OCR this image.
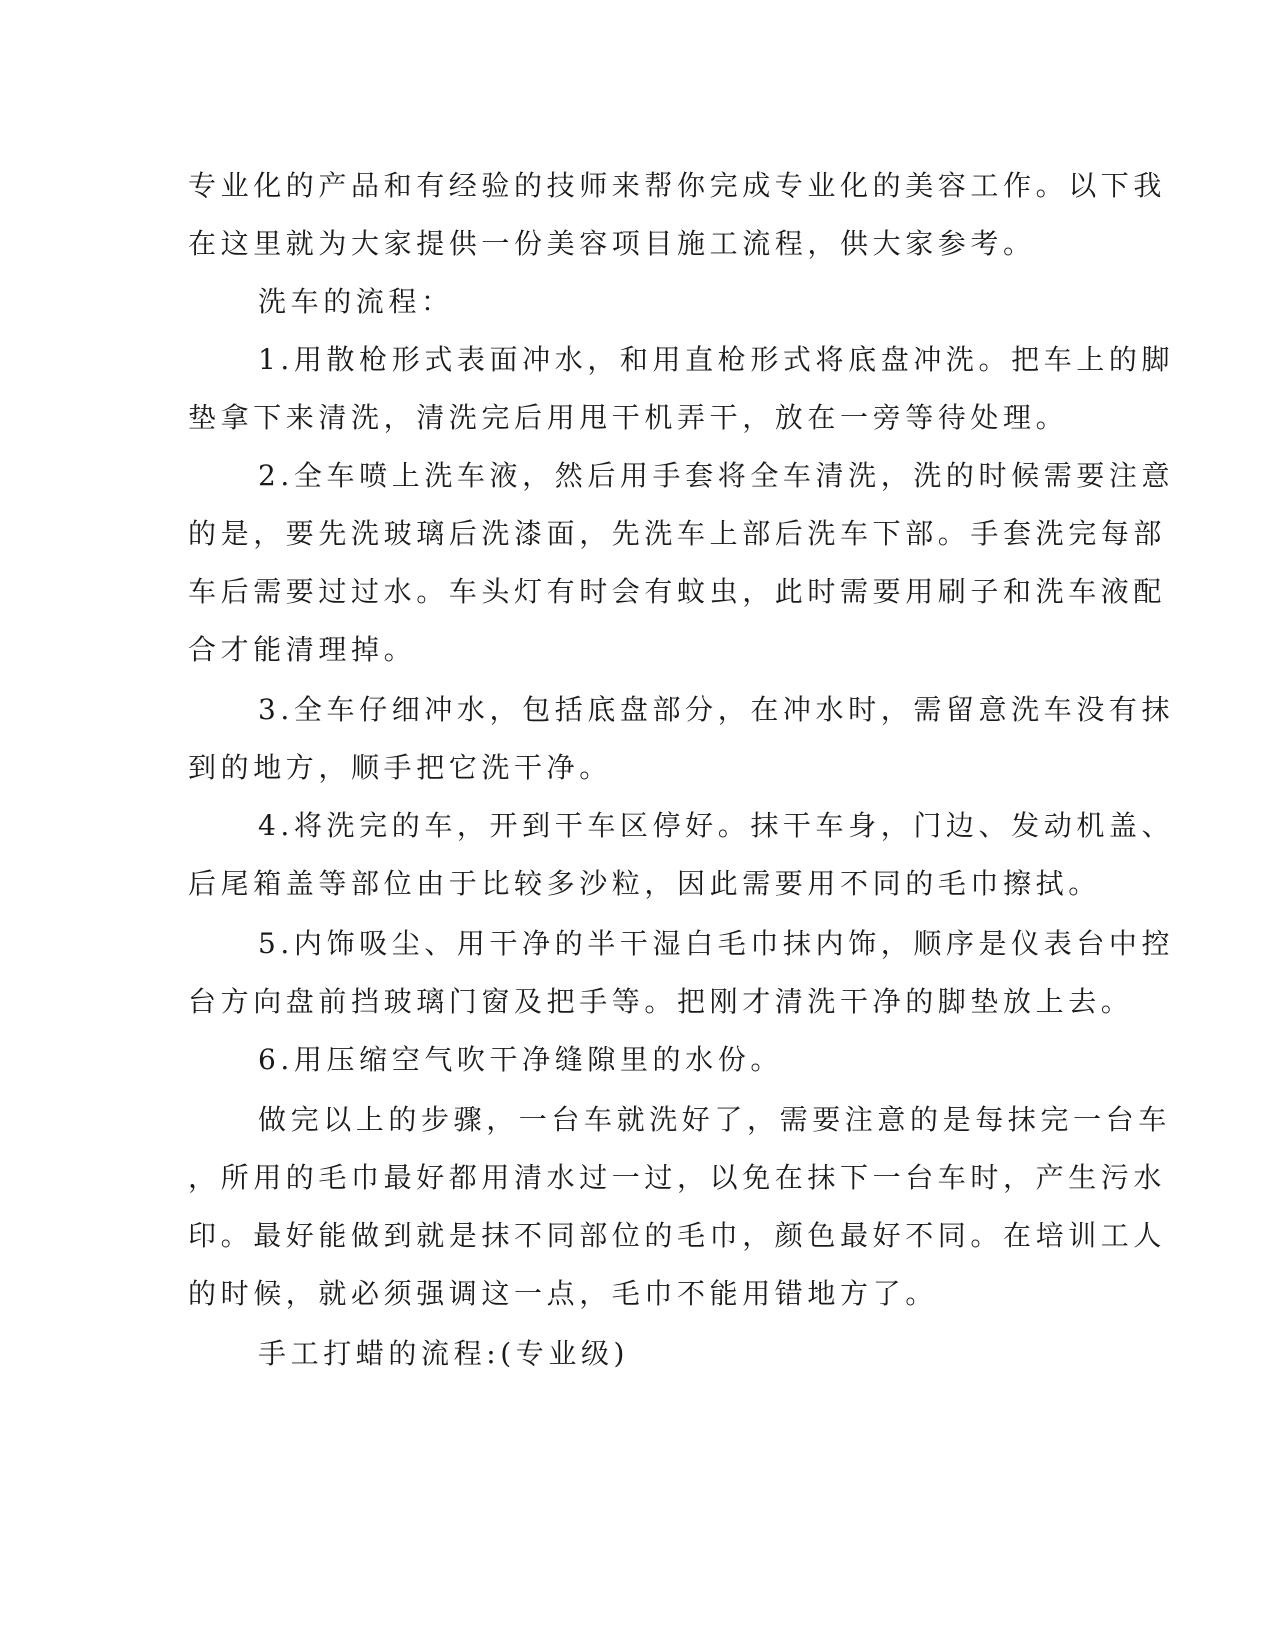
专业化的产品和有经验的技师来帮你完成专业化的美容工作。以下我
在这里就为大家提供一份美容项目施工流程，供大家参考。
洗车的流程：
1.用散枪形式表面冲水，和用直枪形式将底盘冲洗。把车上的脚
垫拿下来清洗，清洗完后用甩干机弄干，放在一旁等待处理。
2.全车喷上洗车液，然后用手套将全车清洗，洗的时候需要注意
的是，要先洗玻璃后洗漆面，先洗车上部后洗车下部。手套洗完每部
车后需要过过水。车头灯有时会有蚊虫，此时需要用刷子和洗车液配
合才能清理掉。
3.全车仔细冲水，包括底盘部分，在冲水时，需留意洗车没有抹
到的地方，顺手把它洗干净。
4.将洗完的车，开到干车区停好。抹干车身，门边、发动机盖、
后尾箱盖等部位由于比较多沙粒，因此需要用不同的毛巾擦拭。
5.内饰吸尘、用干净的半干湿白毛巾抹内饰，顺序是仪表台中控
台方向盘前挡玻璃门窗及把手等。把刚才清洗干净的脚垫放上去。
6.用压缩空气吹干净缝隙里的水份。
做完以上的步骤，一台车就洗好了，需要注意的是每抹完一台车
，所用的毛巾最好都用清水过一过，以免在抹下一台车时，产生污水
印。最好能做到就是抹不同部位的毛巾，颜色最好不同。在培训工人
的时候，就必须强调这一点，毛巾不能用错地方了。
手工打蜡的流程:(专业级)
